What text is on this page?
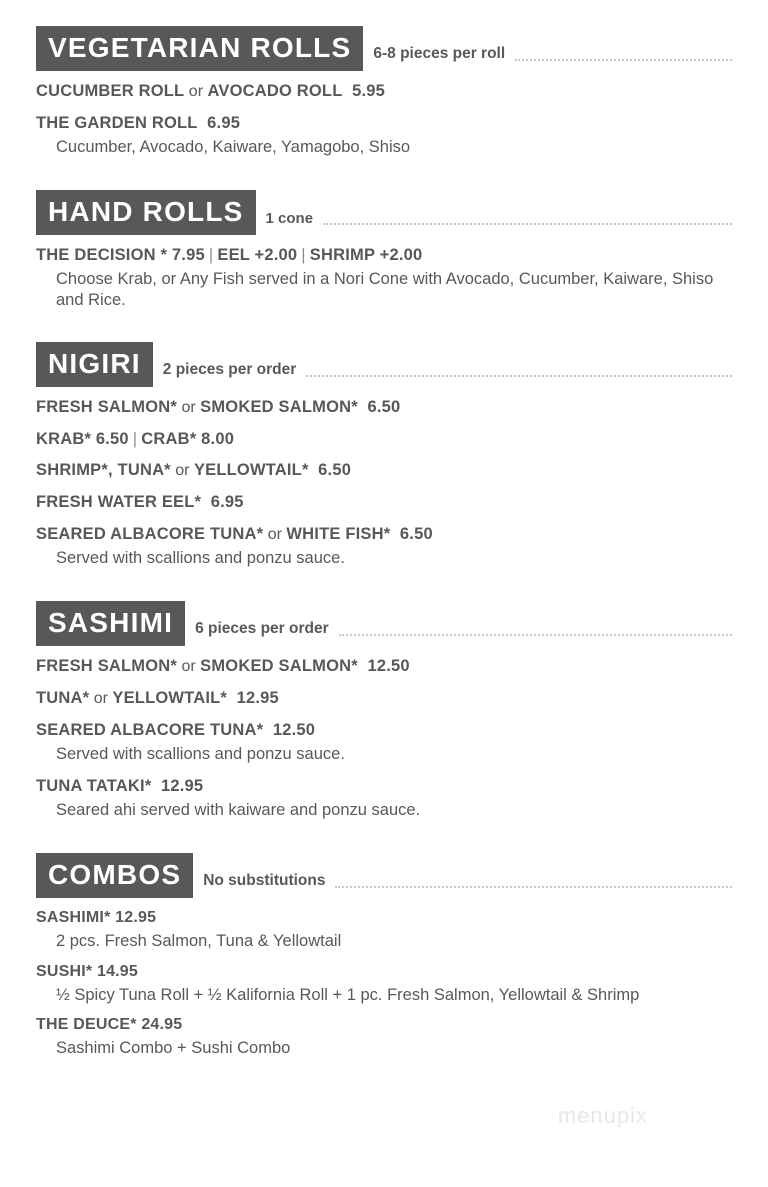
VEGETARIAN ROLLS	6-8 pieces per roll
CUCUMBER ROLL or AVOCADO ROLL 5.95
THE GARDEN ROLL 6.95
Cucumber, Avocado, Kaiware, Yamagobo, Shiso
HAND ROLLS	1 cone
THE DECISION * 7.95 | EEL +2.00 | SHRIMP +2.00
Choose Krab, or Any Fish served in a Nori Cone with Avocado, Cucumber, Kaiware, Shiso and Rice.
NIGIRI	2 pieces per order
FRESH SALMON* or SMOKED SALMON* 6.50
KRAB* 6.50 | CRAB* 8.00
SHRIMP*, TUNA* or YELLOWTAIL* 6.50
FRESH WATER EEL* 6.95
SEARED ALBACORE TUNA* or WHITE FISH* 6.50
Served with scallions and ponzu sauce.
SASHIMI	6 pieces per order
FRESH SALMON* or SMOKED SALMON* 12.50
TUNA* or YELLOWTAIL* 12.95
SEARED ALBACORE TUNA* 12.50
Served with scallions and ponzu sauce.
TUNA TATAKI* 12.95
Seared ahi served with kaiware and ponzu sauce.
COMBOS	No substitutions
SASHIMI* 12.95
2 pcs. Fresh Salmon, Tuna & Yellowtail
SUSHI* 14.95
½ Spicy Tuna Roll + ½ Kalifornia Roll + 1 pc. Fresh Salmon, Yellowtail & Shrimp
THE DEUCE* 24.95
Sashimi Combo + Sushi Combo
menupix
